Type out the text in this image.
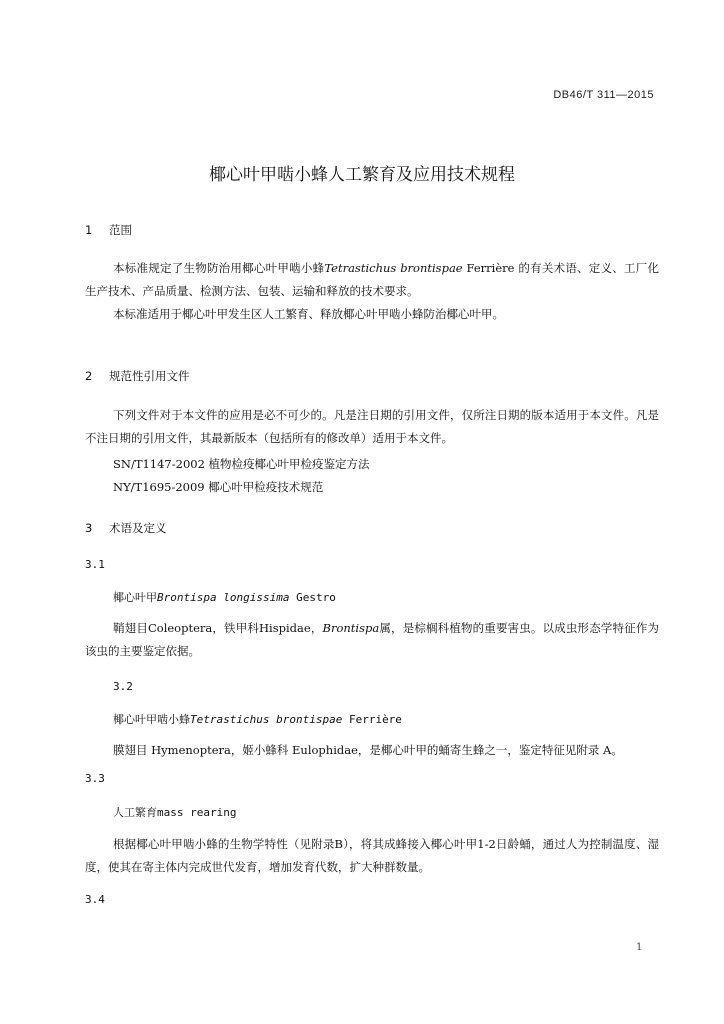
DB46/T 311—2015
椰心叶甲啮小蜂人工繁育及应用技术规程
1 范围
本标准规定了生物防治用椰心叶甲啮小蜂Tetrastichus brontispae Ferrière 的有关术语、定义、工厂化生产技术、产品质量、检测方法、包装、运输和释放的技术要求。
本标准适用于椰心叶甲发生区人工繁育、释放椰心叶甲啮小蜂防治椰心叶甲。
2 规范性引用文件
下列文件对于本文件的应用是必不可少的。凡是注日期的引用文件，仅所注日期的版本适用于本文件。凡是不注日期的引用文件，其最新版本（包括所有的修改单）适用于本文件。
SN/T1147-2002 植物检疫椰心叶甲检疫鉴定方法
NY/T1695-2009 椰心叶甲检疫技术规范
3 术语及定义
3.1
椰心叶甲Brontispa longissima Gestro
鞘翅目Coleoptera，铁甲科Hispidae，Brontispa属，是棕榈科植物的重要害虫。以成虫形态学特征作为该虫的主要鉴定依据。
3.2
椰心叶甲啮小蜂Tetrastichus brontispae Ferrière
膜翅目 Hymenoptera，姬小蜂科 Eulophidae，是椰心叶甲的蛹寄生蜂之一，鉴定特征见附录 A。
3.3
人工繁育mass rearing
根据椰心叶甲啮小蜂的生物学特性（见附录B），将其成蜂接入椰心叶甲1-2日龄蛹，通过人为控制温度、湿度，使其在寄主体内完成世代发育，增加发育代数，扩大种群数量。
3.4
1
